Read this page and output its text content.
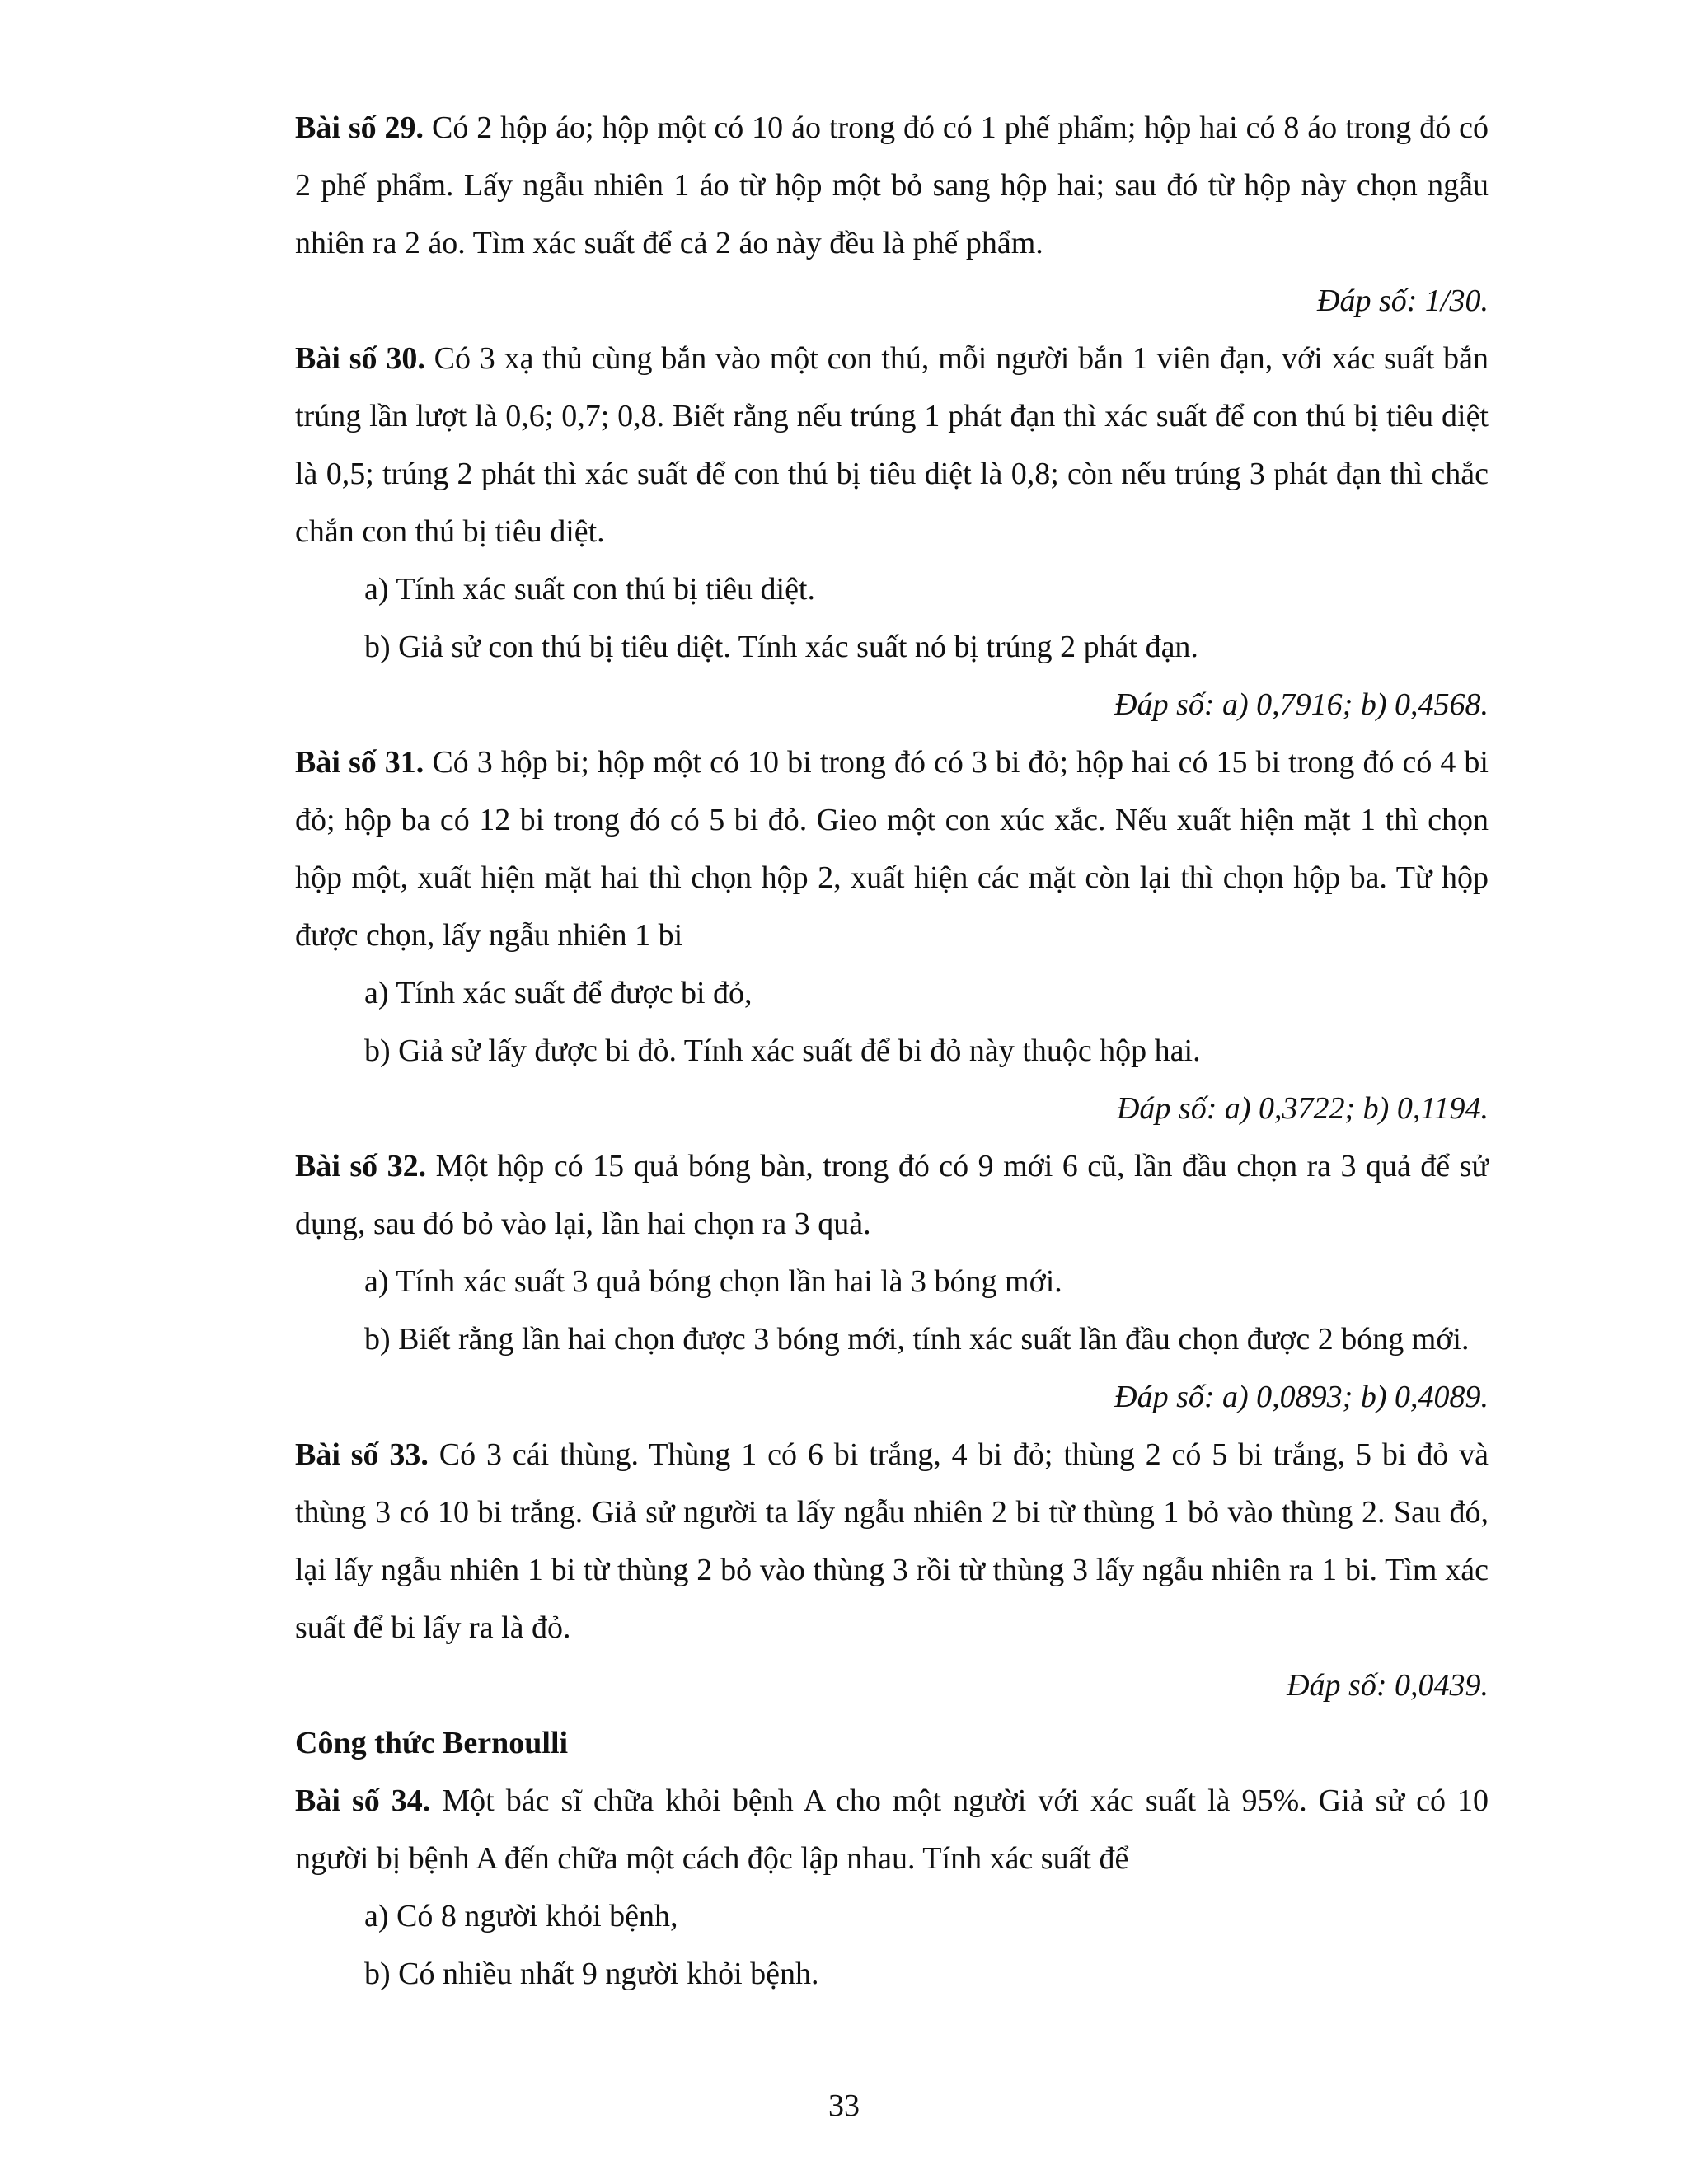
Bài số 29. Có 2 hộp áo; hộp một có 10 áo trong đó có 1 phế phẩm; hộp hai có 8 áo trong đó có 2 phế phẩm. Lấy ngẫu nhiên 1 áo từ hộp một bỏ sang hộp hai; sau đó từ hộp này chọn ngẫu nhiên ra 2 áo. Tìm xác suất để cả 2 áo này đều là phế phẩm.

Đáp số: 1/30.

Bài số 30. Có 3 xạ thủ cùng bắn vào một con thú, mỗi người bắn 1 viên đạn, với xác suất bắn trúng lần lượt là 0,6; 0,7; 0,8. Biết rằng nếu trúng 1 phát đạn thì xác suất để con thú bị tiêu diệt là 0,5; trúng 2 phát thì xác suất để con thú bị tiêu diệt là 0,8; còn nếu trúng 3 phát đạn thì chắc chắn con thú bị tiêu diệt.

a) Tính xác suất con thú bị tiêu diệt.

b) Giả sử con thú bị tiêu diệt. Tính xác suất nó bị trúng 2 phát đạn.

Đáp số: a) 0,7916; b) 0,4568.

Bài số 31. Có 3 hộp bi; hộp một có 10 bi trong đó có 3 bi đỏ; hộp hai có 15 bi trong đó có 4 bi đỏ; hộp ba có 12 bi trong đó có 5 bi đỏ. Gieo một con xúc xắc. Nếu xuất hiện mặt 1 thì chọn hộp một, xuất hiện mặt hai thì chọn hộp 2, xuất hiện các mặt còn lại thì chọn hộp ba. Từ hộp được chọn, lấy ngẫu nhiên 1 bi

a) Tính xác suất để được bi đỏ,

b) Giả sử lấy được bi đỏ. Tính xác suất để bi đỏ này thuộc hộp hai.

Đáp số: a) 0,3722; b) 0,1194.

Bài số 32. Một hộp có 15 quả bóng bàn, trong đó có 9 mới 6 cũ, lần đầu chọn ra 3 quả để sử dụng, sau đó bỏ vào lại, lần hai chọn ra 3 quả.

a) Tính xác suất 3 quả bóng chọn lần hai là 3 bóng mới.

b) Biết rằng lần hai chọn được 3 bóng mới, tính xác suất lần đầu chọn được 2 bóng mới.

Đáp số: a) 0,0893; b) 0,4089.

Bài số 33. Có 3 cái thùng. Thùng 1 có 6 bi trắng, 4 bi đỏ; thùng 2 có 5 bi trắng, 5 bi đỏ và thùng 3 có 10 bi trắng. Giả sử người ta lấy ngẫu nhiên 2 bi từ thùng 1 bỏ vào thùng 2. Sau đó, lại lấy ngẫu nhiên 1 bi từ thùng 2 bỏ vào thùng 3 rồi từ thùng 3 lấy ngẫu nhiên ra 1 bi. Tìm xác suất để bi lấy ra là đỏ.

Đáp số: 0,0439.

Công thức Bernoulli

Bài số 34. Một bác sĩ chữa khỏi bệnh A cho một người với xác suất là 95%. Giả sử có 10 người bị bệnh A đến chữa một cách độc lập nhau. Tính xác suất để

a) Có 8 người khỏi bệnh,

b) Có nhiều nhất 9 người khỏi bệnh.

33
